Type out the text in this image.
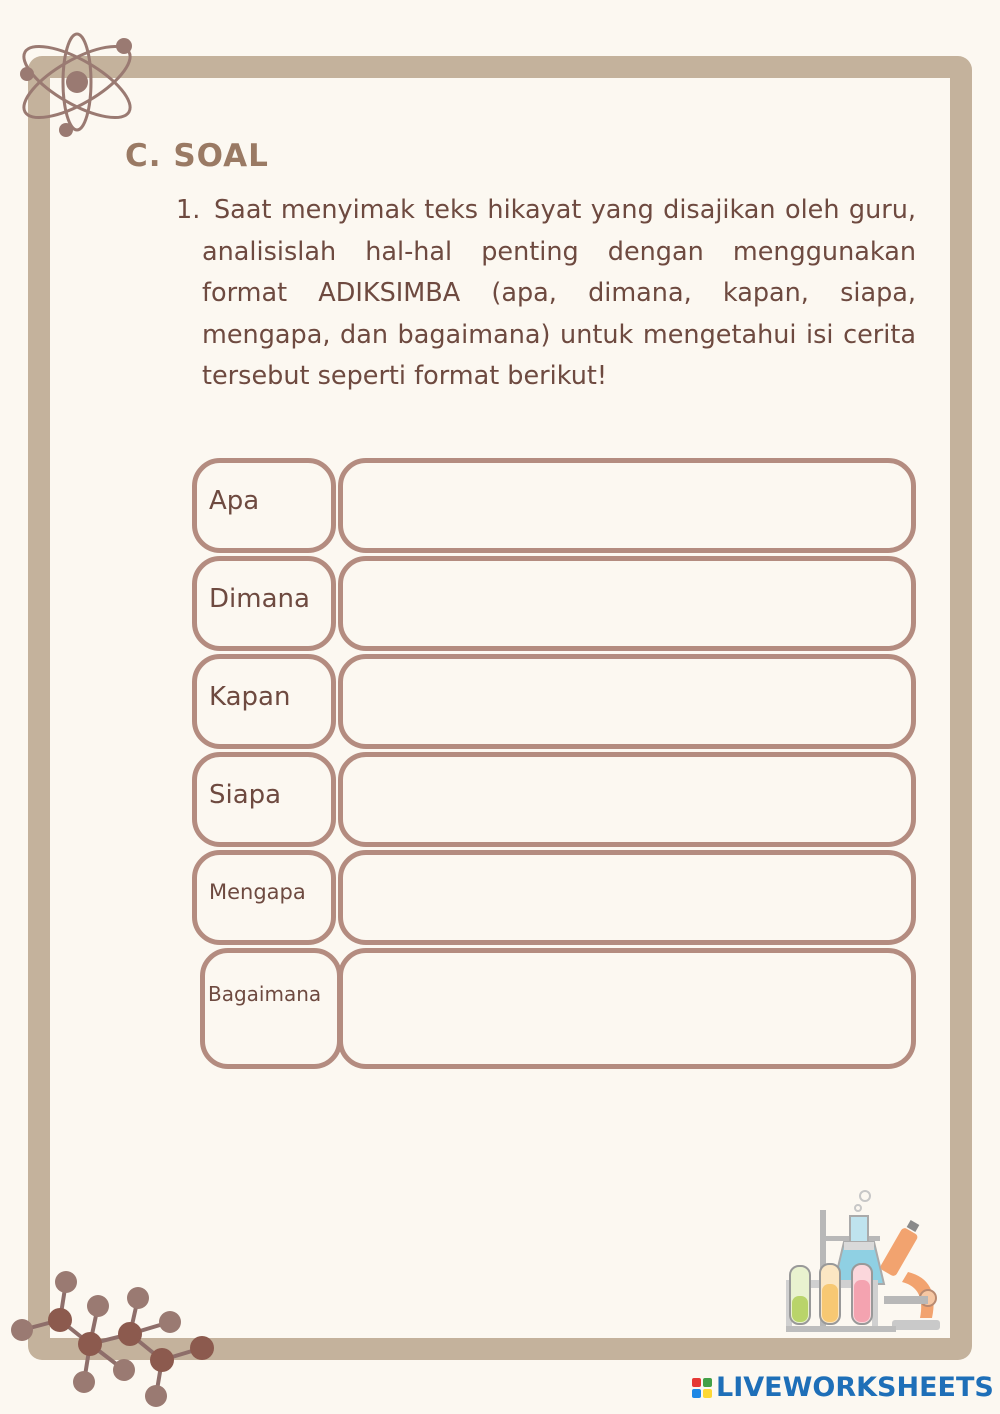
C. SOAL
1. Saat menyimak teks hikayat yang disajikan oleh guru, analisislah hal-hal penting dengan menggunakan format ADIKSIMBA (apa, dimana, kapan, siapa, mengapa, dan bagaimana) untuk mengetahui isi cerita tersebut seperti format berikut!
Apa
Dimana
Kapan
Siapa
Mengapa
Bagaimana
LIVEWORKSHEETS
